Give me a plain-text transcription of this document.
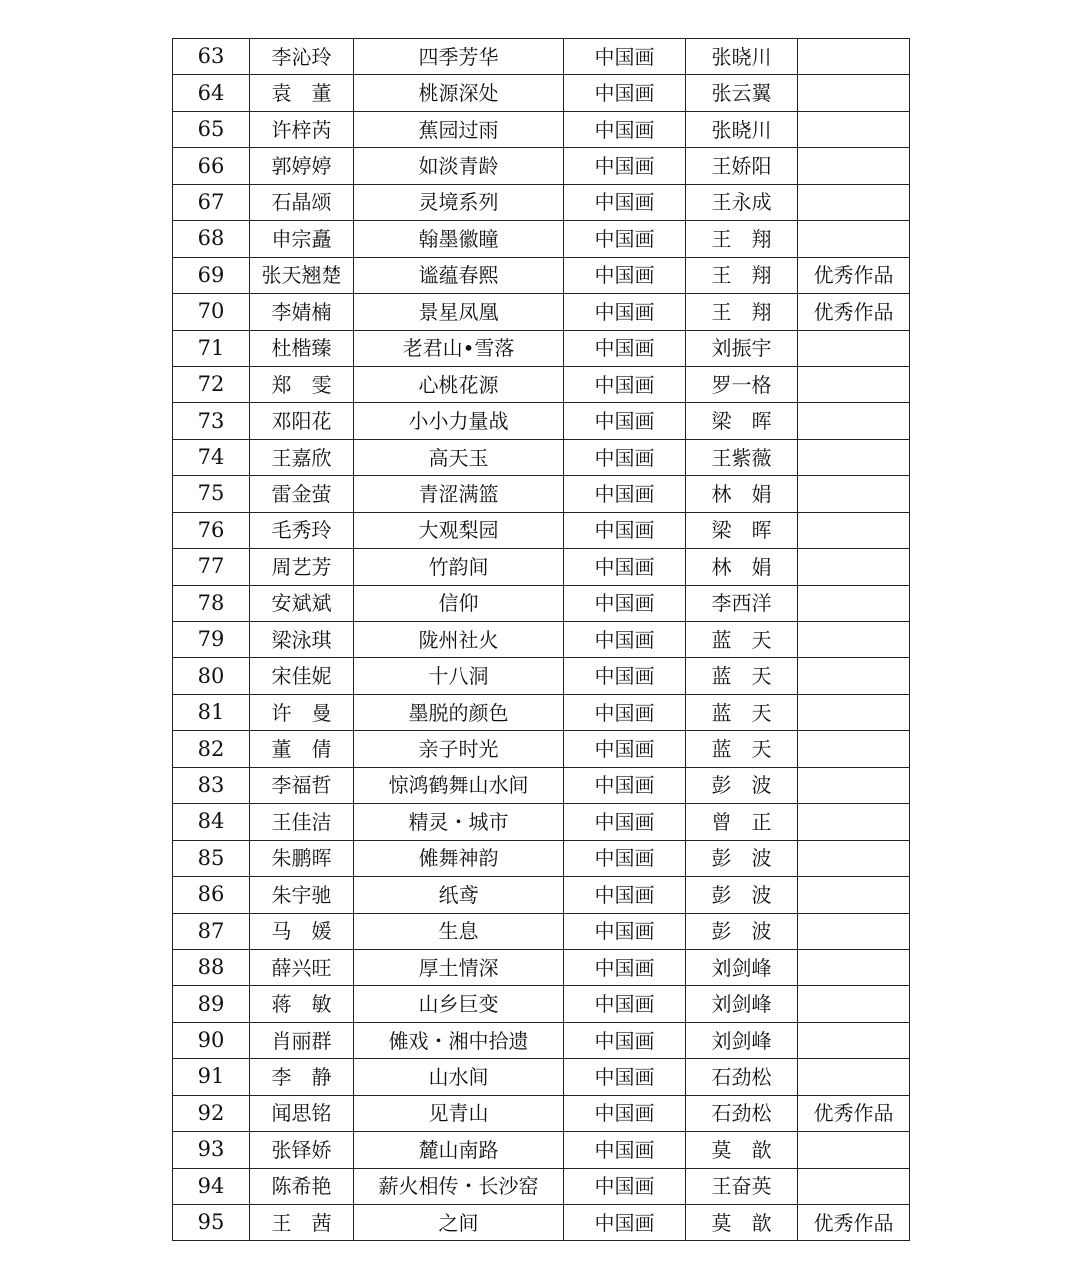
63	李沁玲	四季芳华	中国画	张晓川	
64	袁　董	桃源深处	中国画	张云翼	
65	许梓芮	蕉园过雨	中国画	张晓川	
66	郭婷婷	如淡青龄	中国画	王娇阳	
67	石晶颂	灵境系列	中国画	王永成	
68	申宗矗	翰墨徽瞳	中国画	王　翔	
69	张天翘楚	谧蕴春熙	中国画	王　翔	优秀作品
70	李婧楠	景星凤凰	中国画	王　翔	优秀作品
71	杜楷臻	老君山•雪落	中国画	刘振宇	
72	郑　雯	心桃花源	中国画	罗一格	
73	邓阳花	小小力量战	中国画	梁　晖	
74	王嘉欣	高天玉	中国画	王紫薇	
75	雷金萤	青涩满篮	中国画	林　娟	
76	毛秀玲	大观梨园	中国画	梁　晖	
77	周艺芳	竹韵间	中国画	林　娟	
78	安斌斌	信仰	中国画	李西洋	
79	梁泳琪	陇州社火	中国画	蓝　天	
80	宋佳妮	十八洞	中国画	蓝　天	
81	许　曼	墨脱的颜色	中国画	蓝　天	
82	董　倩	亲子时光	中国画	蓝　天	
83	李福哲	惊鸿鹤舞山水间	中国画	彭　波	
84	王佳洁	精灵・城市	中国画	曾　正	
85	朱鹏晖	傩舞神韵	中国画	彭　波	
86	朱宇驰	纸鸢	中国画	彭　波	
87	马　媛	生息	中国画	彭　波	
88	薛兴旺	厚土情深	中国画	刘剑峰	
89	蒋　敏	山乡巨变	中国画	刘剑峰	
90	肖丽群	傩戏・湘中拾遗	中国画	刘剑峰	
91	李　静	山水间	中国画	石劲松	
92	闻思铭	见青山	中国画	石劲松	优秀作品
93	张铎娇	麓山南路	中国画	莫　歆	
94	陈希艳	薪火相传・长沙窑	中国画	王奋英	
95	王　茜	之间	中国画	莫　歆	优秀作品
